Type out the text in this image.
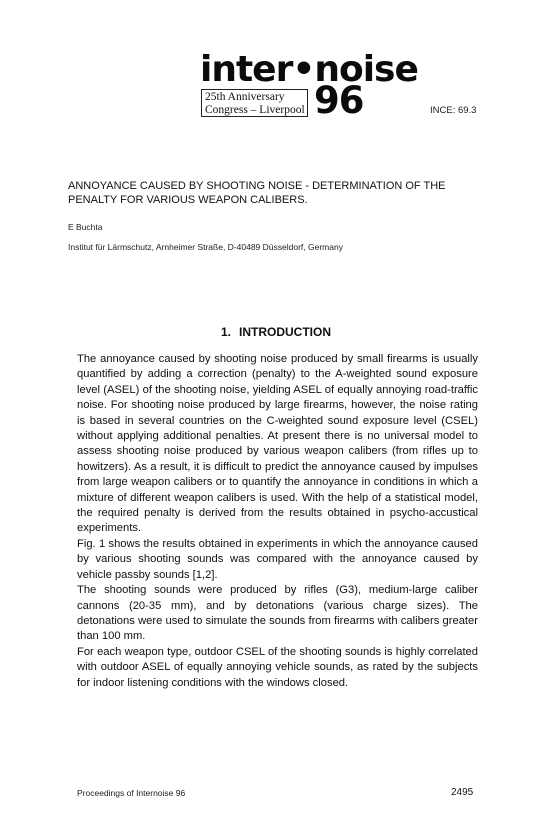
inter•noise
25th Anniversary
Congress – Liverpool 96	INCE: 69.3
ANNOYANCE CAUSED BY SHOOTING NOISE - DETERMINATION OF THE PENALTY FOR VARIOUS WEAPON CALIBERS.
E Buchta
Institut für Lärmschutz, Arnheimer Straße, D-40489 Düsseldorf, Germany
1. INTRODUCTION

The annoyance caused by shooting noise produced by small firearms is usually quantified by adding a correction (penalty) to the A-weighted sound exposure level (ASEL) of the shooting noise, yielding ASEL of equally annoying road-traffic noise. For shooting noise produced by large firearms, however, the noise rating is based in several countries on the C-weighted sound exposure level (CSEL) without applying additional penalties. At present there is no universal model to assess shooting noise produced by various weapon calibers (from rifles up to howitzers). As a result, it is difficult to predict the annoyance caused by impulses from large weapon calibers or to quantify the annoyance in conditions in which a mixture of different weapon calibers is used. With the help of a statistical model, the required penalty is derived from the results obtained in psycho-accustical experiments.

Fig. 1 shows the results obtained in experiments in which the annoyance caused by various shooting sounds was compared with the annoyance caused by vehicle passby sounds [1,2].

The shooting sounds were produced by rifles (G3), medium-large caliber cannons (20-35 mm), and by detonations (various charge sizes). The detonations were used to simulate the sounds from firearms with calibers greater than 100 mm.

For each weapon type, outdoor CSEL of the shooting sounds is highly correlated with outdoor ASEL of equally annoying vehicle sounds, as rated by the subjects for indoor listening conditions with the windows closed.

Proceedings of Internoise 96	2495
